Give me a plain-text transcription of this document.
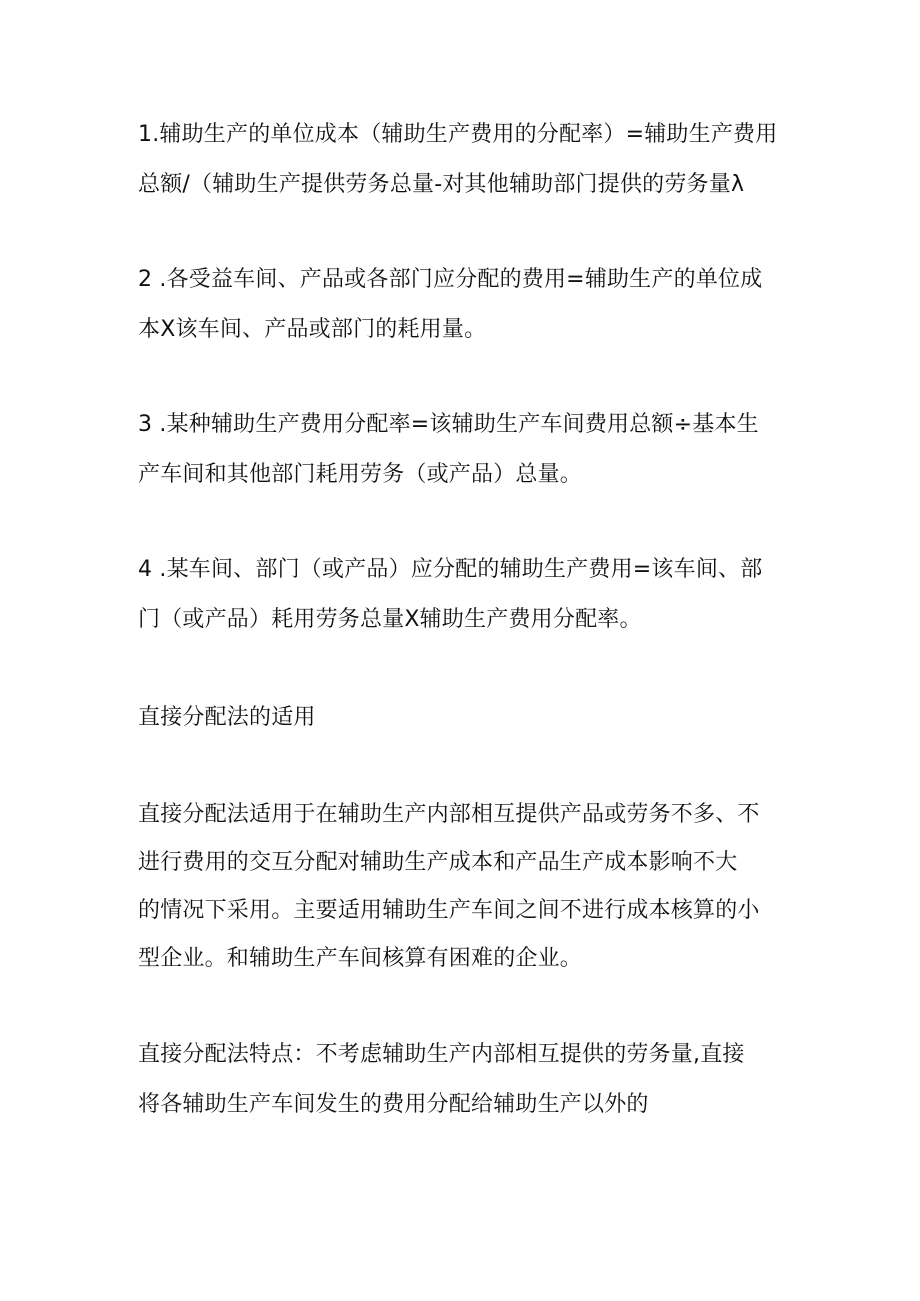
1.辅助生产的单位成本（辅助生产费用的分配率）=辅助生产费用
总额/（辅助生产提供劳务总量-对其他辅助部门提供的劳务量λ
2 .各受益车间、产品或各部门应分配的费用=辅助生产的单位成
本X该车间、产品或部门的耗用量。
3 .某种辅助生产费用分配率=该辅助生产车间费用总额÷基本生
产车间和其他部门耗用劳务（或产品）总量。
4 .某车间、部门（或产品）应分配的辅助生产费用=该车间、部
门（或产品）耗用劳务总量X辅助生产费用分配率。
直接分配法的适用
直接分配法适用于在辅助生产内部相互提供产品或劳务不多、不
进行费用的交互分配对辅助生产成本和产品生产成本影响不大
的情况下采用。主要适用辅助生产车间之间不进行成本核算的小
型企业。和辅助生产车间核算有困难的企业。
直接分配法特点：不考虑辅助生产内部相互提供的劳务量,直接
将各辅助生产车间发生的费用分配给辅助生产以外的
